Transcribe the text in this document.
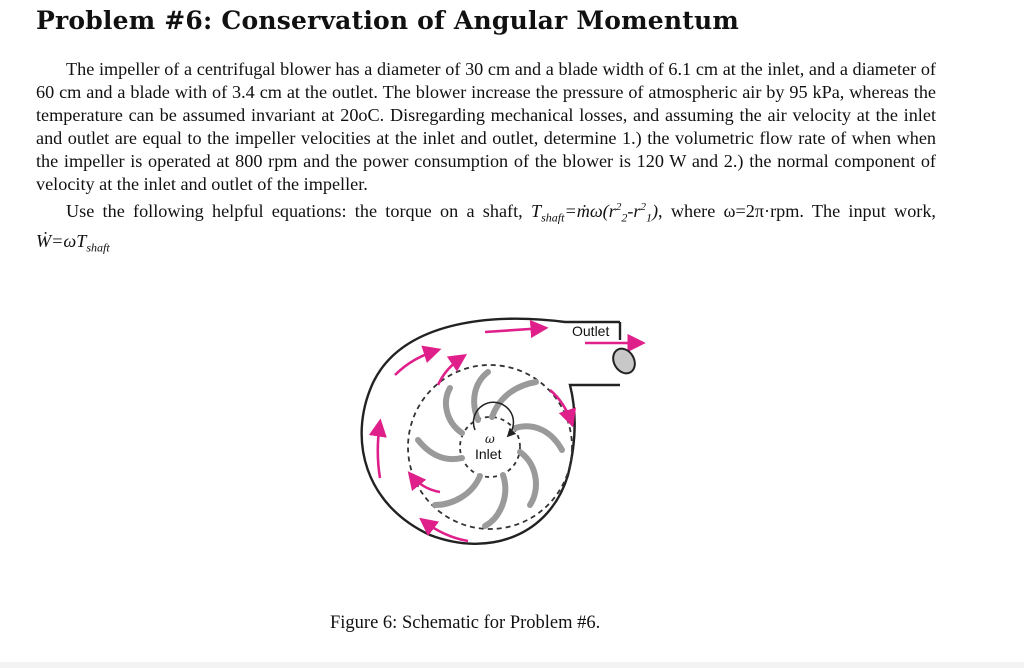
Problem #6: Conservation of Angular Momentum

The impeller of a centrifugal blower has a diameter of 30 cm and a blade width of 6.1 cm at the inlet, and a diameter of 60 cm and a blade with of 3.4 cm at the outlet. The blower increase the pressure of atmospheric air by 95 kPa, whereas the temperature can be assumed invariant at 20oC. Disregarding mechanical losses, and assuming the air velocity at the inlet and outlet are equal to the impeller velocities at the inlet and outlet, determine 1.) the volumetric flow rate of when when the impeller is operated at 800 rpm and the power consumption of the blower is 120 W and 2.) the normal component of velocity at the inlet and outlet of the impeller.

Use the following helpful equations: the torque on a shaft, $T_{shaft}=ṁ\omega(r^2_2-r^2_1)$, where ω=2π·rpm. The input work, $Ẇ=\omega T_{shaft}$

Outlet
ω
Inlet

Figure 6: Schematic for Problem #6.
